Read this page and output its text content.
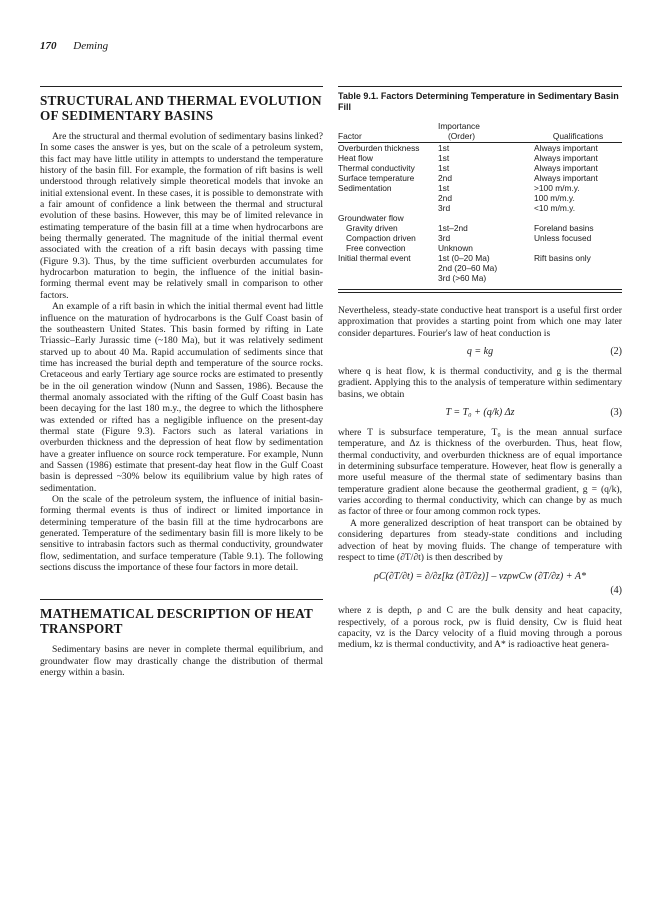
170 Deming
STRUCTURAL AND THERMAL EVOLUTION OF SEDIMENTARY BASINS

Are the structural and thermal evolution of sedimentary basins linked? In some cases the answer is yes, but on the scale of a petroleum system, this fact may have little utility in attempts to understand the temperature history of the basin fill. For example, the formation of rift basins is well understood through relatively simple theoretical models that invoke an initial extensional event. In these cases, it is possible to demonstrate with a fair amount of confidence a link between the thermal and structural evolution of these basins. However, this may be of limited relevance in estimating temperature of the basin fill at a time when hydrocarbons are being thermally generated. The magnitude of the initial thermal event associated with the creation of a rift basin decays with passing time (Figure 9.3). Thus, by the time sufficient overburden accumulates for hydrocarbon maturation to begin, the influence of the initial basin-forming thermal event may be relatively small in comparison to other factors.

An example of a rift basin in which the initial thermal event had little influence on the maturation of hydrocarbons is the Gulf Coast basin of the southeastern United States. This basin formed by rifting in Late Triassic–Early Jurassic time (~180 Ma), but it was relatively sediment starved up to about 40 Ma. Rapid accumulation of sediments since that time has increased the burial depth and temperature of the source rocks. Cretaceous and early Tertiary age source rocks are estimated to presently be in the oil generation window (Nunn and Sassen, 1986). Because the thermal anomaly associated with the rifting of the Gulf Coast basin has been decaying for the last 180 m.y., the degree to which the lithosphere was extended or rifted has a negligible influence on the present-day thermal state (Figure 9.3). Factors such as lateral variations in overburden thickness and the depression of heat flow by sedimentation have a greater influence on source rock temperature. For example, Nunn and Sassen (1986) estimate that present-day heat flow in the Gulf Coast basin is depressed ~30% below its equilibrium value by high rates of sedimentation.

On the scale of the petroleum system, the influence of initial basin-forming thermal events is thus of indirect or limited importance in determining temperature of the basin fill at the time hydrocarbons are generated. Temperature of the sedimentary basin fill is more likely to be sensitive to intrabasin factors such as thermal conductivity, groundwater flow, sedimentation, and surface temperature (Table 9.1). The following sections discuss the importance of these four factors in more detail.

MATHEMATICAL DESCRIPTION OF HEAT TRANSPORT

Sedimentary basins are never in complete thermal equilibrium, and groundwater flow may drastically change the distribution of thermal energy within a basin.

Table 9.1. Factors Determining Temperature in Sedimentary Basin Fill
	Importance	
Factor	(Order)	Qualifications
Overburden thickness	1st	Always important
Heat flow	1st	Always important
Thermal conductivity	1st	Always important
Surface temperature	2nd	Always important
Sedimentation	1st	>100 m/m.y.
	2nd	100 m/m.y.
	3rd	<10 m/m.y.
Groundwater flow		
Gravity driven	1st–2nd	Foreland basins
Compaction driven	3rd	Unless focused
Free convection	Unknown	
Initial thermal event	1st (0–20 Ma)	Rift basins only
	2nd (20–60 Ma)	
	3rd (>60 Ma)	

Nevertheless, steady-state conductive heat transport is a useful first order approximation that provides a starting point from which one may later consider departures. Fourier's law of heat conduction is

q = kg	(2)

where q is heat flow, k is thermal conductivity, and g is the thermal gradient. Applying this to the analysis of temperature within sedimentary basins, we obtain

T = T₀ + (q/k) Δz	(3)

where T is subsurface temperature, T₀ is the mean annual surface temperature, and Δz is thickness of the overburden. Thus, heat flow, thermal conductivity, and overburden thickness are of equal importance in determining subsurface temperature. However, heat flow is generally a more useful measure of the thermal state of sedimentary basins than temperature gradient alone because the geothermal gradient, g = (q/k), varies according to thermal conductivity, which can change by as much as factor of three or four among common rock types.

A more generalized description of heat transport can be obtained by considering departures from steady-state conditions and including advection of heat by moving fluids. The change of temperature with respect to time (∂T/∂t) is then described by

ρC(∂T/∂t) = ∂/∂z[kz (∂T/∂z)] – vzρwCw (∂T/∂z) + A*
(4)

where z is depth, ρ and C are the bulk density and heat capacity, respectively, of a porous rock, ρw is fluid density, Cw is fluid heat capacity, vz is the Darcy velocity of a fluid moving through a porous medium, kz is thermal conductivity, and A* is radioactive heat genera-
